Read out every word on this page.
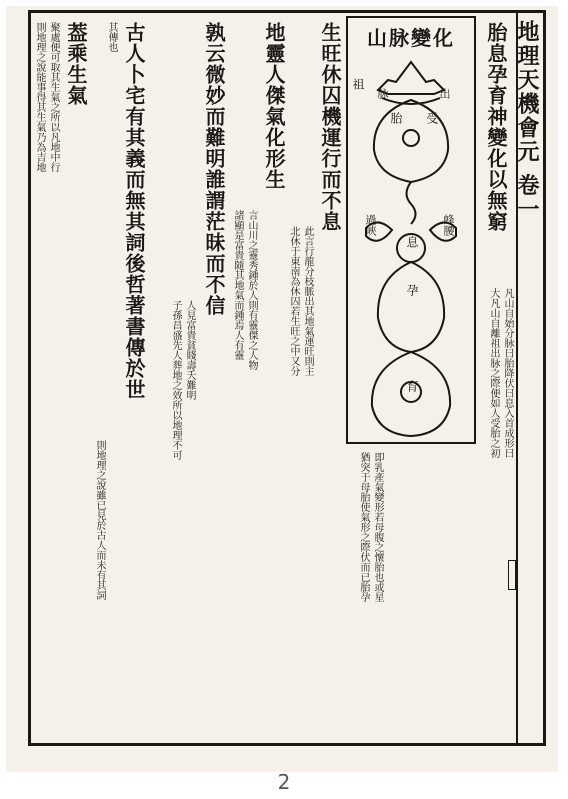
地理天機會元 卷一
山脉變化
祖
脉	出
胎 受
過峽
息
蜂腰
孕
育
胎息孕育神變化以無窮
凡山自始分脉曰胎降伏曰息入首成形曰
大凡山自離祖出脉之際便如人受胎之初
即乳產氣變形若母腹之懷胎也或星
猶突于母胎使氣形之際伏而已胎孕
生旺休囚機運行而不息
此言行龍分枝脈出其地氣運旺則主
北休于東南為休囚若生旺之中又分
地靈人傑氣化形生
言山川之靈秀鍾於人則有靈傑之人物
諸顯是富貴隨其地氣而鍾焉人有靈
孰云微妙而難明誰謂茫昧而不信
人見富貴貧賤壽夭難明
子孫昌盛先人葬地之效所以地理不可
古人卜宅有其義而無其詞後哲著書傳於世
其傳也
則地理之說雖已見於古人而未有其詞
葢乘生氣
聚處便可取其生氣之所以凡地中行
則地理之說能事得其生氣乃為吉地
2
